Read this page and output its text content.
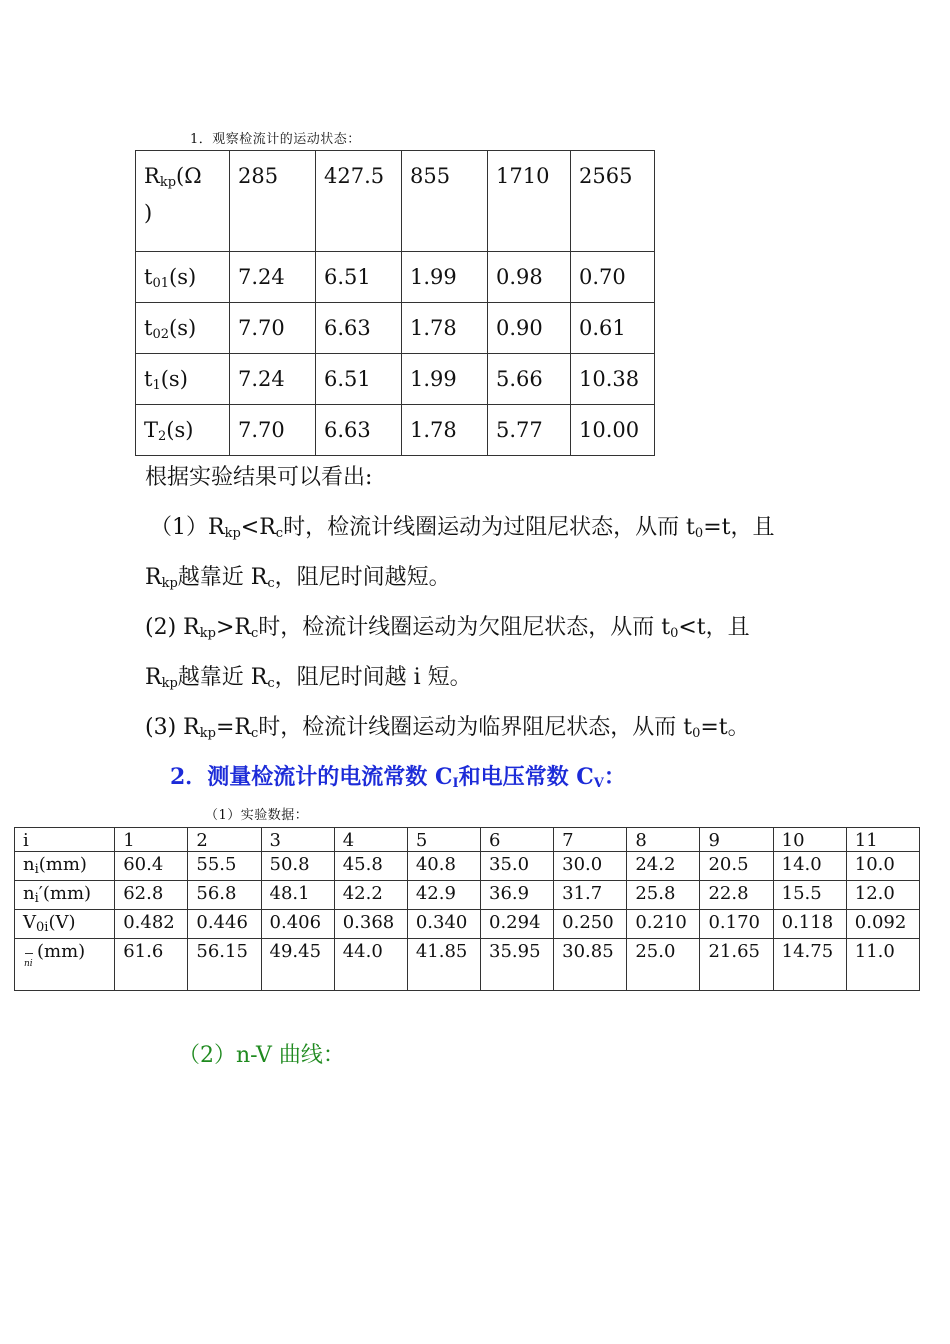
1．观察检流计的运动状态：
$R_{kp}(\Omega$
)	285	427.5	855	1710	2565
$t_{01}(s)$	7.24	6.51	1.99	0.98	0.70
$t_{02}(s)$	7.70	6.63	1.78	0.90	0.61
$t_1(s)$	7.24	6.51	1.99	5.66	10.38
$T_2(s)$	7.70	6.63	1.78	5.77	10.00
根据实验结果可以看出:
$(1)R_{kp}<R_c$时，检流计线圈运动为过阻尼状态，从而 $t_0=t$，且
$R_{kp}$越靠近 $R_c$，阻尼时间越短。
(2) $R_{kp}>R_c$时，检流计线圈运动为欠阻尼状态，从而 $t_0<t$，且
$R_{kp}$越靠近 $R_c$，阻尼时间越 i 短。
(3) $R_{kp}=R_c$时，检流计线圈运动为临界阻尼状态，从而 $t_0=t$。
2．测量检流计的电流常数 $C_I$和电压常数 $C_V$：
（1）实验数据：
i	1	2	3	4	5	6	7	8	9	10	11
$n_i(mm)$	60.4	55.5	50.8	45.8	40.8	35.0	30.0	24.2	20.5	14.0	10.0
$n_i'(mm)$	62.8	56.8	48.1	42.2	42.9	36.9	31.7	25.8	22.8	15.5	12.0
$V_{0i}(V)$	0.482	0.446	0.406	0.368	0.340	0.294	0.250	0.210	0.170	0.118	0.092

ni
(mm)	61.6	56.15	49.45	44.0	41.85	35.95	30.85	25.0	21.65	14.75	11.0
（2）n-V 曲线：
